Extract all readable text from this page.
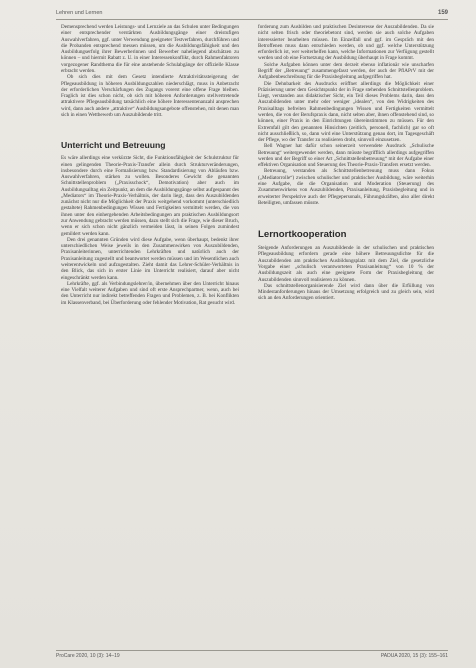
Lehren und Lernen	159

Demensprechend werden Leistungs- und Lernziele an das Schulen unter Bedingungen einer entsprechender verstärkten Ausbildungsgänge einer dreistufigen Auswahlverfahren, ggf. unter Verwendung geeigneter Testverfahren, durchführen und die Probanden entsprechend messen müssen, um die Ausbildungsfähigkeit und den Ausbildungserfolg ihrer Bewerberinnen und Bewerber naheliegend abschätzen zu können – und hiermit Rabatt z. U. in einer Interessenkonflikt, durch Rahmenfaktoren vorgezogener Randthema die für eine anstehende Schulabgänge der offizielle Klasse erbracht werden.

Ob sich dies mit dem Gesetz intendierte Attraktivitätssteigerung der Pflegeausbildung in höheren Ausbildungszahlen niederschlägt, muss in Anbetracht der erforderlichen Verschärfungen des Zugangs vorerst eine offene Frage bleiben. Fraglich ist dies schon nicht, ob sich mit höheren Anforderungen stellvertretende attraktivere Pflegeausbildung tatsächlich eine höhere Interessentenanzahl ansprechen wird, dann auch andere „attraktive“ Ausbildungsangebote offenstehen, mit denen man sich in einen Wettbewerb um Auszubildende tritt.

Unterricht und Betreuung

Es wäre allerdings eine verkürzte Sicht, die Funktionsfähigkeit der Schulstruktur für einen gelingenden Theorie-Praxis-Transfer allein durch Strukturveränderungen, insbesondere durch eine Formalisierung bzw. Standardisierung von Abläufen bzw. Auswahlverfahren, stärken zu wollen. Besonderes Gewicht die genannten Schnittstellenproblem („Praxisschock“, Demotivation) aber auch im Ausbildungsalltag ein Zeitpunkt, an dem die Ausbildungsgänge selbst aufgespannt des „Mediators“ im Theorie-Praxis-Verhältnis, der darin liegt, dass den Auszubildenden zunächst nicht nur die Möglichkeit der Praxis weitgehend vorkommt (unterschiedlich gestaltete) Rahmenbedingungen Wissen und Fertigkeiten vermittelt werden, die von ihnen unter den einhergehenden Arbeitsbedingungen am praktischen Ausbildungsort zur Anwendung gebracht werden müssen, dazu stellt sich die Frage, wie dieser Bruch, wenn er sich schon nicht gänzlich vermeiden lässt, in seinen Folgen zumindest gemildert werden kann.

Den drei genannten Gründen wird diese Aufgabe, wenn überhaupt, bedenkt ihrer unterschiedlichen Weise jeweils in den Zusammenwirken von Auszubildenden, Praxisanleiterinnen, unterrichtenden Lehrkräften und natürlich auch der Praxisanleitung zugestellt und beantwortet werden müssen und im Wesentlichen auch weiterentwickeln und aufzugestalten. Zieht damit das Lehrer-Schüler-Verhältnis in den Blick, das sich in erster Linie im Unterricht realisiert, darauf aber nicht eingeschränkt werden kann.

Lehrkräfte, ggf. als Verbindungslehrer/in, übernehmen über den Unterricht hinaus eine Vielfalt weiterer Aufgaben und sind oft erste Ansprechpartner, wenn, auch bei den Unterricht nur indirekt betreffenden Fragen und Problemen, z. B. bei Konflikten im Klassenverband, bei Überforderung oder fehlender Motivation, Rat gesucht wird.

forderung zum Ausbilden und praktischen Desinteresse der Auszubildenden. Da sie nicht selten frisch oder theoriebetont sind, werden sie auch solche Aufgaben interessierter bearbeiten müssen. Im Einzelfall und ggf. im Gespräch mit den Betroffenen muss dann entschieden werden, ob und ggf. welche Unterstützung erforderlich ist, wer weiterhelfen kann, welche Informationen zur Verfügung gestellt werden und ob eine Fortsetzung der Ausbildung überhaupt in Frage kommt.

Solche Aufgaben können unter dem derzeit ebenso inflationär wie unscharfen Begriff der „Betreuung“ zusammengefasst werden, der auch der PflAPrV mit der Aufgabenbeschreibung für die Praxisbegleitung aufgegriffen hat.

Die Dehnbarkeit des Ausdrucks eröffnet allerdings die Möglichkeit einer Präzisierung unter dem Gesichtspunkt der in Frage stehenden Schnittstellenproblem. Liegt, verstanden aus didaktischer Sicht, ein Teil dieses Problems darin, dass den Auszubildenden unter mehr oder weniger „idealen“, von den Widrigkeiten des Praxisalltags befreiten Rahmenbedingungen Wissen und Fertigkeiten vermittelt werden, die von der Berufspraxis dann, nicht selten aber, ihnen offenstehend sind, so können, einer Praxis in den Einrichtungen übereinstimmen zu müssen. Für den Extremfall gilt den genannten Hinsichten (zeitlich, personell, fachlich) gar so oft nicht ausschließlich, so, dann wird eine Unterstützung genau dort, im Tagesgeschäft der Pflege, wo der Transfer zu realisieren droht, sinnvoll einzusetzen.

Bell Wagner hat dafür schon seinerzeit verwendete Ausdruck „Schulische Betreuung“ weitergewendet werden, dann müsste begrifflich allerdings aufgegriffen werden und der Begriff so einer Art „Schnittstellenbetreuung“ mit der Aufgabe einer effektiven Organisation und Steuerung des Theorie-Praxis-Transfers ersetzt werden.

Betreuung, verstanden als Schnittstellenbetreuung muss dann Fokus („Mediatorrolle“) zwischen schulischer und praktischer Ausbildung, wäre weiterhin eine Aufgabe, die die Organisation und Moderation (Steuerung) des Zusammenwirkens von Auszubildenden, Praxisanleitung, Praxisbegleitung und in erweiterter Perspektive auch der Pflegepersonals, Führungskräften, also aller direkt Beteiligten, umfassen müsste.

Lernortkooperation

Steigende Anforderungen an Auszubildende in der schulischen und praktischen Pflegeausbildung erfordern gerade eine höhere Betreuungsdichte für die Auszubildenden am praktischen Ausbildungsplatz mit dem Ziel, die gesetzliche Vorgabe einer „schulisch verantworteten Praxisanleitung“ von 10 % der Ausbildungszeit als auch eine geeignete Form der Praxisbegleitung der Auszubildenden sinnvoll realisieren zu können.

Das schnittstellenorganisierende Ziel wird dann über die Erfüllung von Mindestanforderungen hinaus der Umsetzung erfolgreich und zu gleich sein, wird sich an den Anforderungen orientiert.

ProCare 2020, 10 (3): 14–19	PADUA 2020, 15 (3): 155–161
